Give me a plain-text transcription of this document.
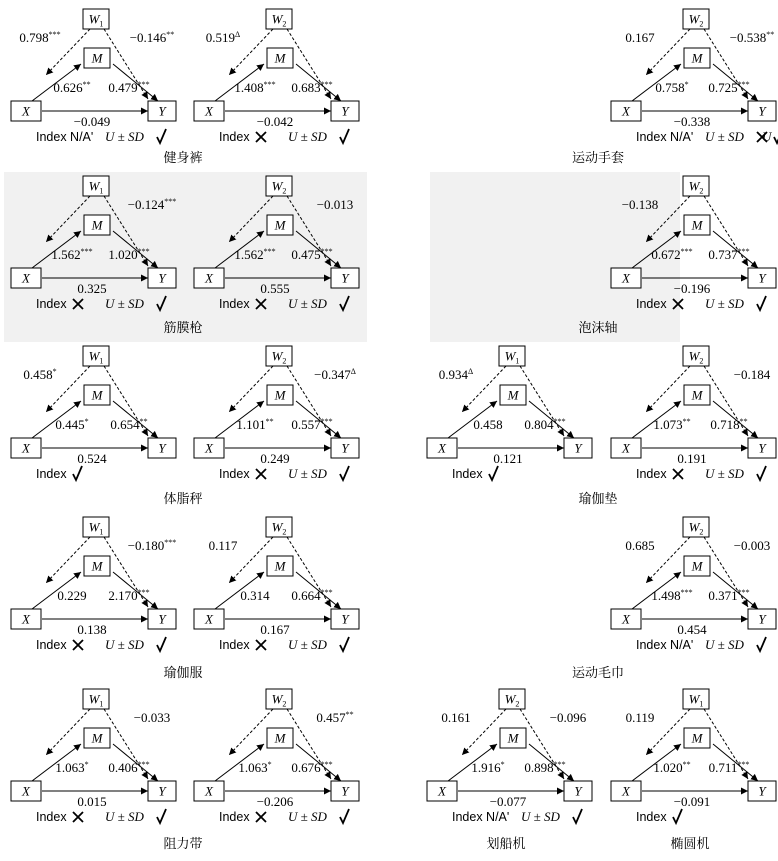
X	Y
M
$W_1$
0.798***	−0.146**
0.626** 0.479***
−0.049
Index N/A' U ± SD
X	Y
M
$W_2$
$0.519^\Delta$
1.408*** 0.683***
−0.042
Index	U ± SD
X	Y
M
$W_2$
0.167	−0.538**
0.758* 0.725***
−0.338
Index N/A' U ± SD U
健身裤	运动手套
X	Y
M
$W_1$
−0.124***
1.562*** 1.020***
0.325
Index	U ± SD
X	Y
M
$W_2$
−0.013
1.562*** 0.475***
0.555
Index	U ± SD
X	Y
M
$W_2$
−0.138
0.672*** 0.737***
−0.196
Index	U ± SD
筋膜枪	泡沫轴
X	Y
M
$W_1$
0.458*
0.445* 0.654**
0.524
Index
X	Y
M
$W_2$
$-0.347^\Delta$
1.101** 0.557***
0.249
Index	U ± SD
X	Y
M
$W_1$
$0.934^\Delta$
0.458 0.804***
0.121
Index
X	Y
M
$W_2$
−0.184
1.073** 0.718**
0.191
Index	U ± SD
体脂秤	瑜伽垫
X	Y
M
$W_1$
−0.180***
0.229 2.170***
0.138
Index	U ± SD
X	Y
M
$W_2$
0.117
0.314 0.664***
0.167
Index	U ± SD
X	Y
M
$W_2$
0.685	−0.003
1.498*** 0.371***
0.454
Index N/A' U ± SD
瑜伽服	运动毛巾
X	Y
M
$W_1$
−0.033
1.063* 0.406***
0.015
Index	U ± SD
X	Y
M
$W_2$
0.457**
1.063* 0.676***
−0.206
Index	U ± SD
X	Y
M
$W_2$
0.161	−0.096
1.916* 0.898***
−0.077
Index N/A' U ± SD
X	Y
M
$W_1$
0.119
1.020** 0.711***
−0.091
Index
阻力带	划船机	椭圆机
